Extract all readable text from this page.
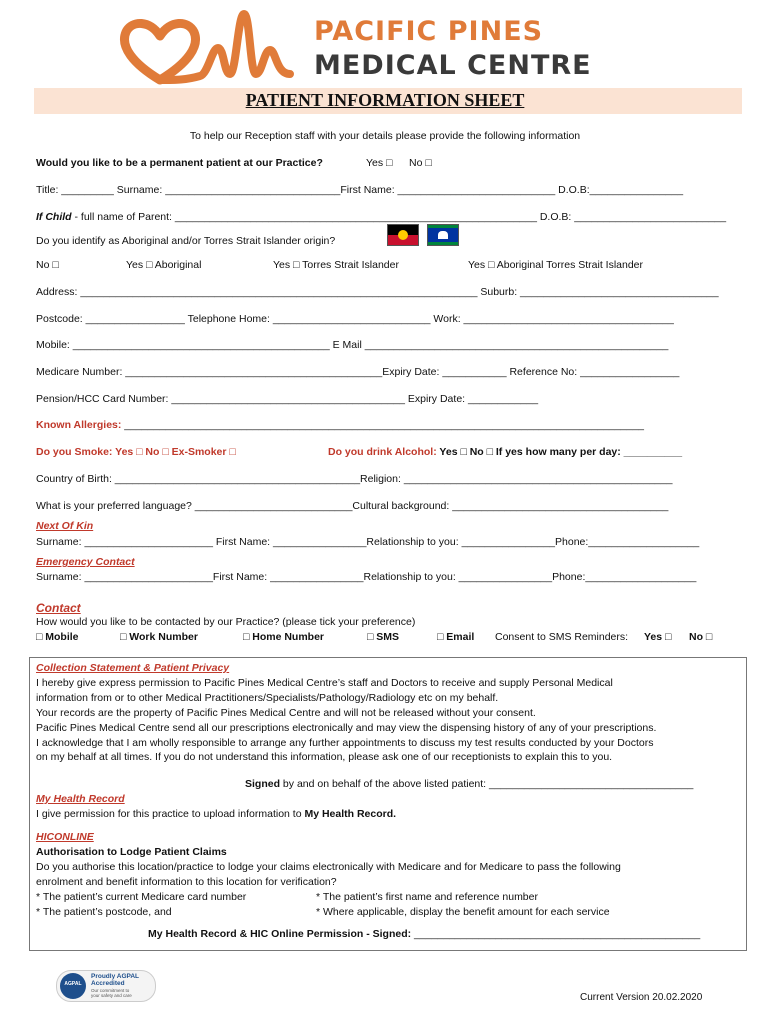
PACIFIC PINES
MEDICAL CENTRE
PATIENT INFORMATION SHEET
To help our Reception staff with your details please provide the following information
Would you like to be a permanent patient at our Practice?	Yes □ No □
Title: _________ Surname: ______________________________First Name: ___________________________ D.O.B:________________
If Child - full name of Parent: ______________________________________________________________ D.O.B: __________________________
Do you identify as Aboriginal and/or Torres Strait Islander origin?
No □	Yes □ Aboriginal	Yes □ Torres Strait Islander	Yes □ Aboriginal Torres Strait Islander
Address: ____________________________________________________________________ Suburb: __________________________________
Postcode: _________________ Telephone Home: ___________________________ Work: ____________________________________
Mobile: ____________________________________________ E Mail ____________________________________________________
Medicare Number: ____________________________________________Expiry Date: ___________ Reference No: _________________
Pension/HCC Card Number: ________________________________________ Expiry Date: ____________
Known Allergies: _________________________________________________________________________________________
Do you Smoke: Yes □ No □ Ex-Smoker □	Do you drink Alcohol: Yes □ No □ If yes how many per day: __________
Country of Birth: __________________________________________Religion: ______________________________________________
What is your preferred language? ___________________________Cultural background: _____________________________________
Next Of Kin
Surname: ______________________ First Name: ________________Relationship to you: ________________Phone:___________________
Emergency Contact
Surname: ______________________First Name: ________________Relationship to you: ________________Phone:___________________
Contact
How would you like to be contacted by our Practice? (please tick your preference)
□ Mobile	□ Work Number	□ Home Number	□ SMS	□ Email Consent to SMS Reminders: Yes □ No □
Collection Statement & Patient Privacy
I hereby give express permission to Pacific Pines Medical Centre’s staff and Doctors to receive and supply Personal Medical
information from or to other Medical Practitioners/Specialists/Pathology/Radiology etc on my behalf.
Your records are the property of Pacific Pines Medical Centre and will not be released without your consent.
Pacific Pines Medical Centre send all our prescriptions electronically and may view the dispensing history of any of your prescriptions.
I acknowledge that I am wholly responsible to arrange any further appointments to discuss my test results conducted by your Doctors
on my behalf at all times. If you do not understand this information, please ask one of our receptionists to explain this to you.
Signed by and on behalf of the above listed patient: ___________________________________
My Health Record
I give permission for this practice to upload information to My Health Record.
HICONLINE
Authorisation to Lodge Patient Claims
Do you authorise this location/practice to lodge your claims electronically with Medicare and for Medicare to pass the following
enrolment and benefit information to this location for verification?
* The patient’s current Medicare card number	* The patient’s first name and reference number
* The patient’s postcode, and	* Where applicable, display the benefit amount for each service
My Health Record & HIC Online Permission - Signed: _________________________________________________
AGPAL
Proudly AGPAL
Accredited
Our commitment to
your safety and care	Current Version 20.02.2020
